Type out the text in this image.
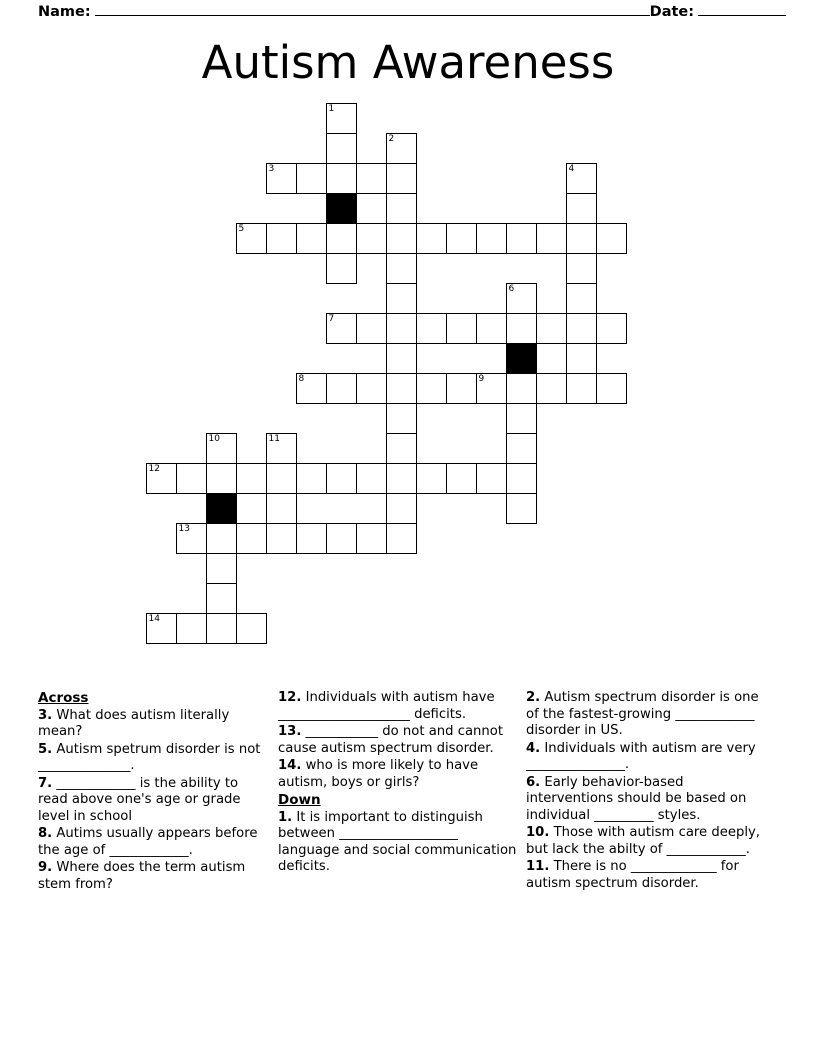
Name:	Date:
Autism Awareness
1
2
3	4
5
6
7
8	9
10	11
12
13
14
Across
3. What does autism literally mean?
5. Autism spetrum disorder is not ______________.
7. ____________ is the ability to read above one's age or grade level in school
8. Autims usually appears before the age of ____________.
9. Where does the term autism stem from?
12. Individuals with autism have ____________________ deficits.
13. ___________ do not and cannot cause autism spectrum disorder.
14. who is more likely to have autism, boys or girls?
Down
1. It is important to distinguish between __________________ language and social communication deficits.
2. Autism spectrum disorder is one of the fastest-growing ____________ disorder in US.
4. Individuals with autism are very _______________.
6. Early behavior-based interventions should be based on individual _________ styles.
10. Those with autism care deeply, but lack the abilty of ____________.
11. There is no _____________ for autism spectrum disorder.
